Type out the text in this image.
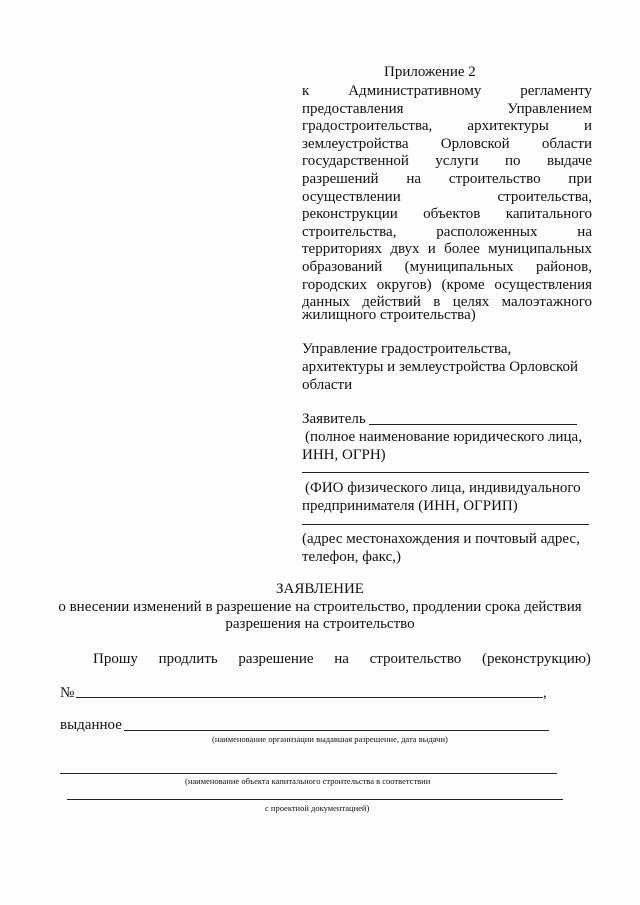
Приложение 2
к Административному регламенту
предоставления Управлением
градостроительства, архитектуры и
землеустройства Орловской области
государственной услуги по выдаче
разрешений на строительство при
осуществлении строительства,
реконструкции объектов капитального
строительства, расположенных на
территориях двух и более муниципальных
образований (муниципальных районов,
городских округов) (кроме осуществления
данных действий в целях малоэтажного
жилищного строительства)
Управление градостроительства,
архитектуры и землеустройства Орловской
области
Заявитель
(полное наименование юридического лица,
ИНН, ОГРН)
(ФИО физического лица, индивидуального
предпринимателя (ИНН, ОГРИП)
(адрес местонахождения и почтовый адрес,
телефон, факс,)
ЗАЯВЛЕНИЕ
о внесении изменений в разрешение на строительство, продлении срока действия
разрешения на строительство
Прошу продлить разрешение на строительство (реконструкцию)
№	,
выданное
(наименование организации выдавшая разрешение, дата выдачи)
(наименование объекта капитального строительства в соответствии
с проектной документацией)
